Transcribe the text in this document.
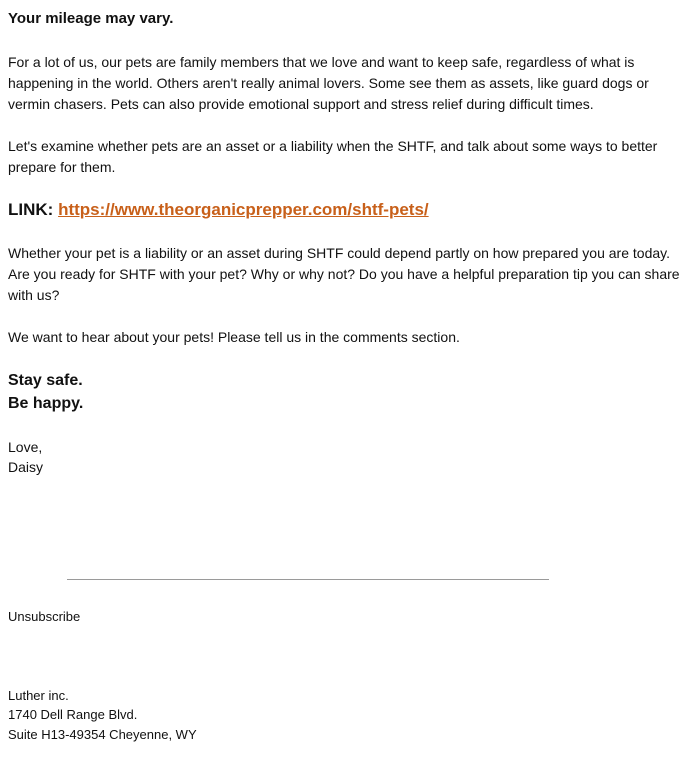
Your mileage may vary.

For a lot of us, our pets are family members that we love and want to keep safe, regardless of what is happening in the world. Others aren't really animal lovers. Some see them as assets, like guard dogs or vermin chasers. Pets can also provide emotional support and stress relief during difficult times.

Let's examine whether pets are an asset or a liability when the SHTF, and talk about some ways to better prepare for them.

LINK: https://www.theorganicprepper.com/shtf-pets/

Whether your pet is a liability or an asset during SHTF could depend partly on how prepared you are today. Are you ready for SHTF with your pet? Why or why not? Do you have a helpful preparation tip you can share with us?

We want to hear about your pets! Please tell us in the comments section.

Stay safe.

Be happy.

Love,

Daisy

Unsubscribe

Luther inc.

1740 Dell Range Blvd.

Suite H13-49354 Cheyenne, WY
